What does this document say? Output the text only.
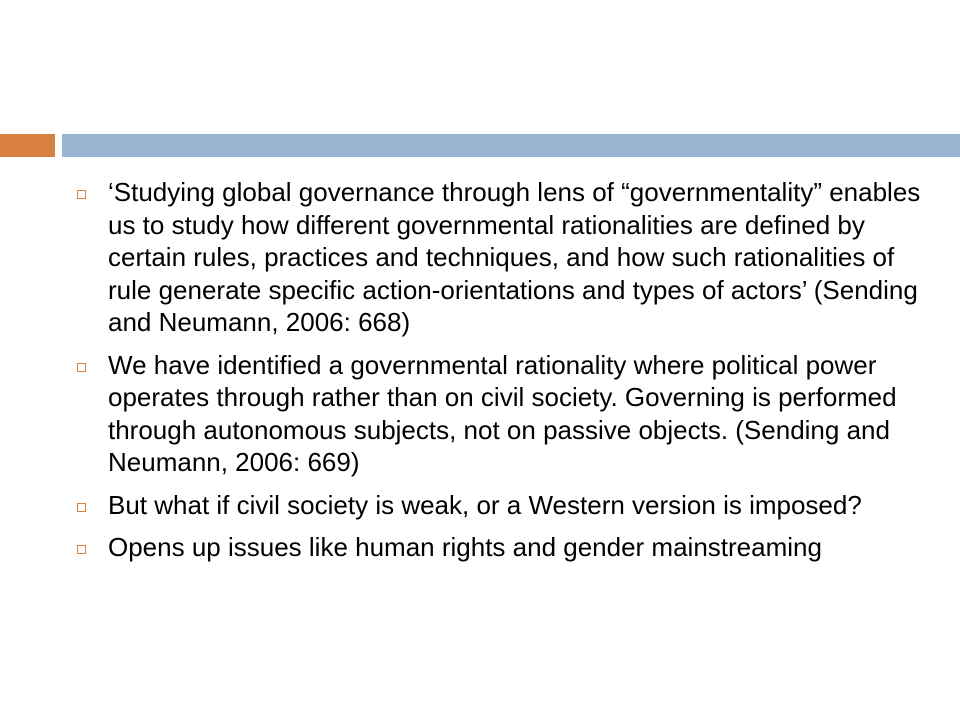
‘Studying global governance through lens of “governmentality” enables us to study how different governmental rationalities are defined by certain rules, practices and techniques, and how such rationalities of rule generate specific action-orientations and types of actors’ (Sending and Neumann, 2006: 668)
We have identified a governmental rationality where political power operates through rather than on civil society. Governing is performed through autonomous subjects, not on passive objects. (Sending and Neumann, 2006: 669)
But what if civil society is weak, or a Western version is imposed?
Opens up issues like human rights and gender mainstreaming
